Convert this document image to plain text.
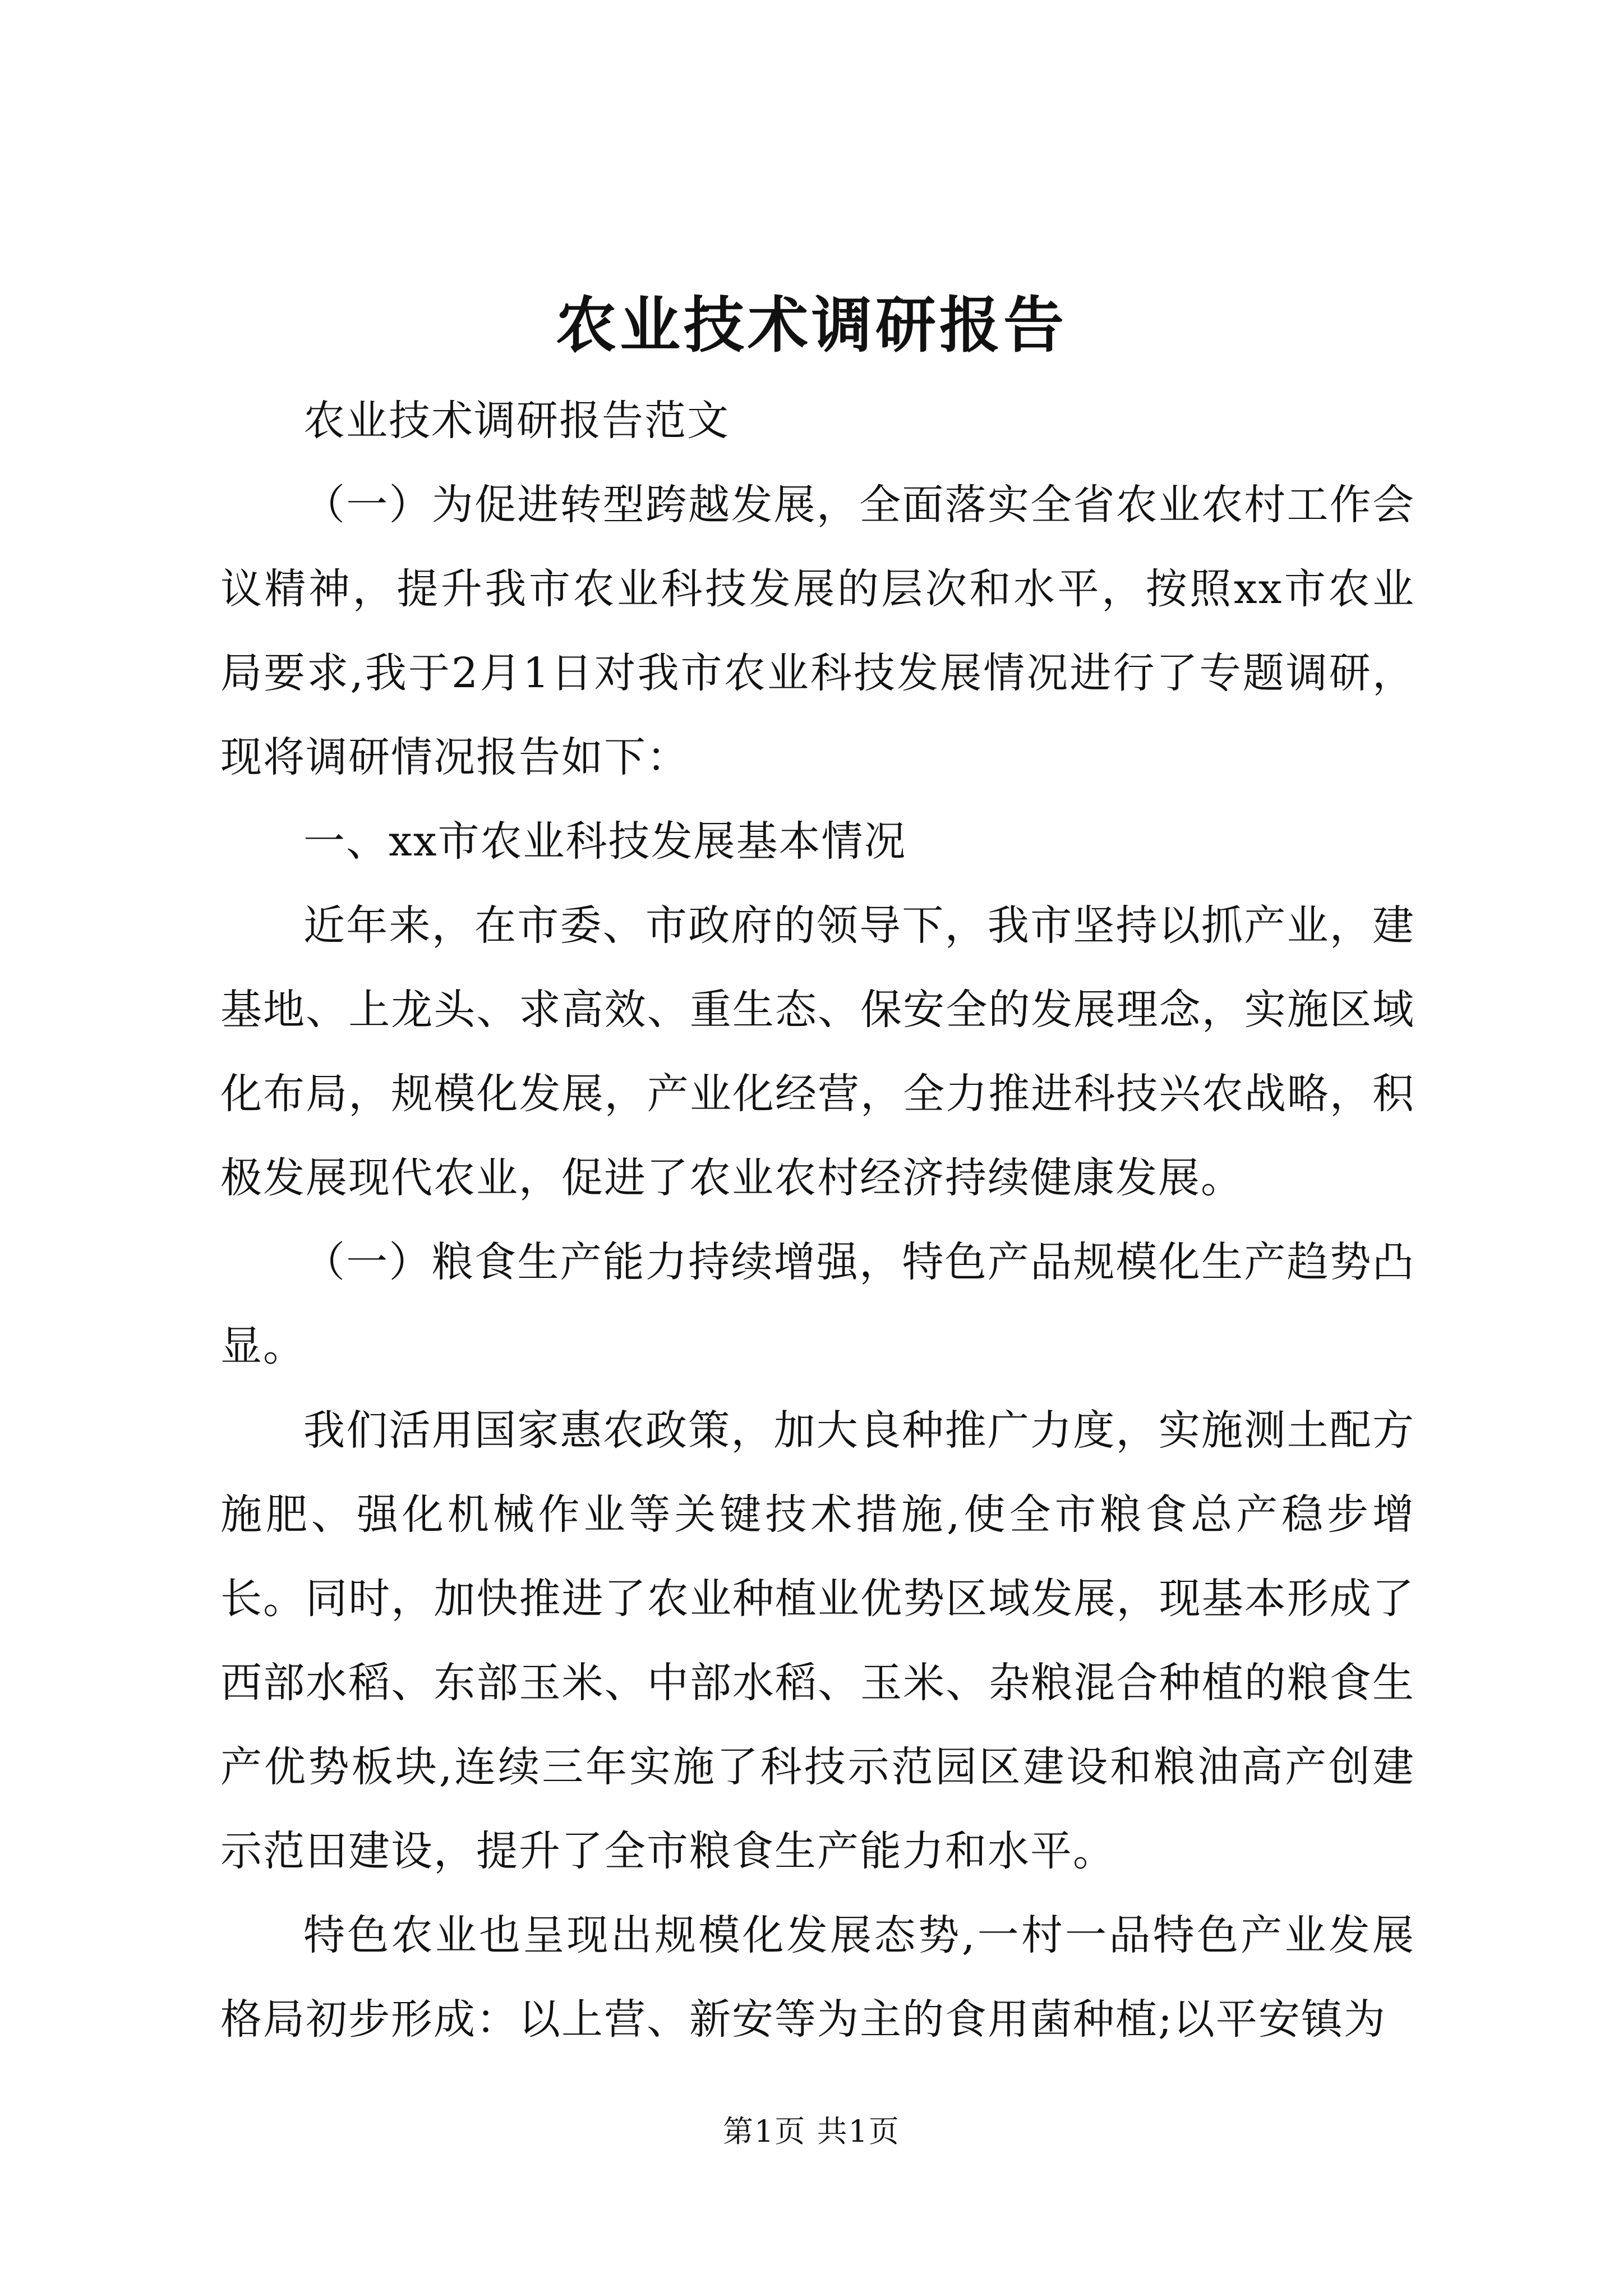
农业技术调研报告

农业技术调研报告范文

（一）为促进转型跨越发展，全面落实全省农业农村工作会议精神，提升我市农业科技发展的层次和水平，按照xx市农业局要求,我于2月1日对我市农业科技发展情况进行了专题调研，现将调研情况报告如下：

一、xx市农业科技发展基本情况

近年来，在市委、市政府的领导下，我市坚持以抓产业，建基地、上龙头、求高效、重生态、保安全的发展理念，实施区域化布局，规模化发展，产业化经营，全力推进科技兴农战略，积极发展现代农业，促进了农业农村经济持续健康发展。

（一）粮食生产能力持续增强，特色产品规模化生产趋势凸显。

我们活用国家惠农政策，加大良种推广力度，实施测土配方施肥、强化机械作业等关键技术措施,使全市粮食总产稳步增长。同时，加快推进了农业种植业优势区域发展，现基本形成了西部水稻、东部玉米、中部水稻、玉米、杂粮混合种植的粮食生产优势板块,连续三年实施了科技示范园区建设和粮油高产创建示范田建设，提升了全市粮食生产能力和水平。

特色农业也呈现出规模化发展态势,一村一品特色产业发展格局初步形成：以上营、新安等为主的食用菌种植;以平安镇为

第1页 共1页
